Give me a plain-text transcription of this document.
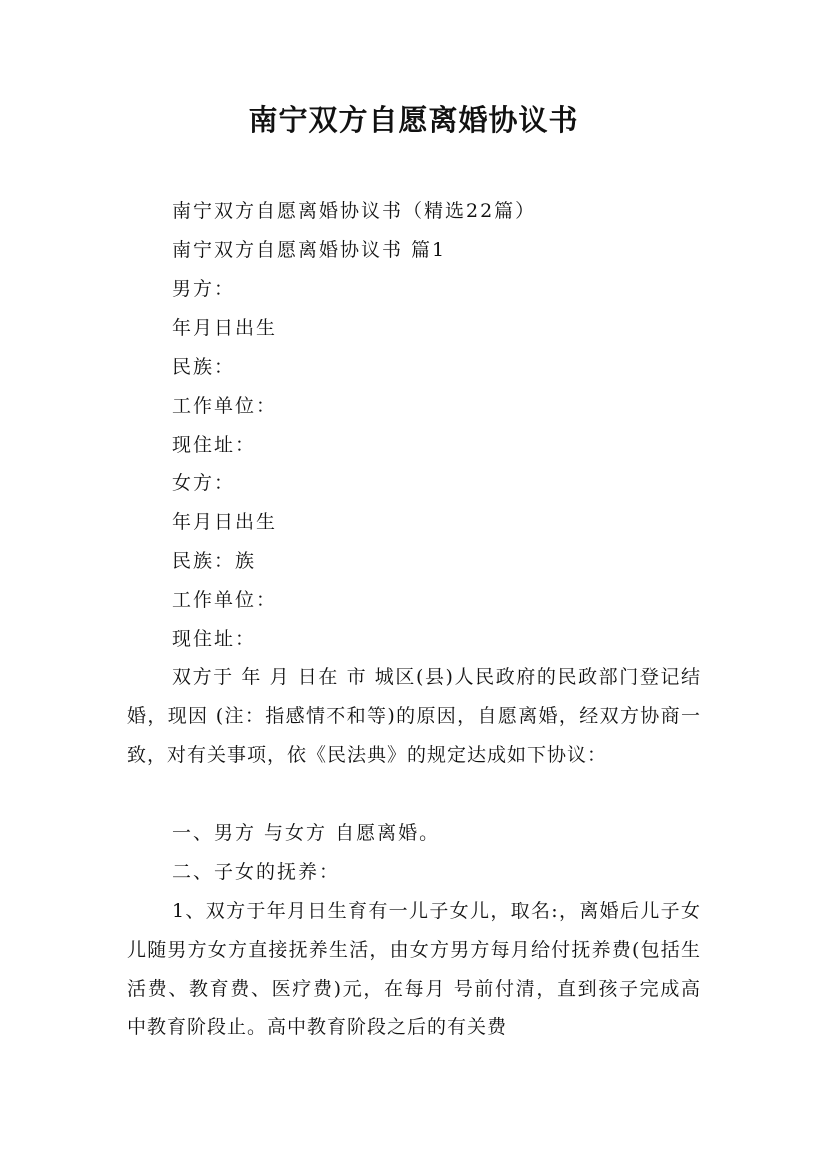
南宁双方自愿离婚协议书
南宁双方自愿离婚协议书（精选22篇）
南宁双方自愿离婚协议书 篇1
男方：
年月日出生
民族：
工作单位：
现住址：
女方：
年月日出生
民族：族
工作单位：
现住址：
双方于 年 月 日在 市 城区(县)人民政府的民政部门登记结婚，现因 (注：指感情不和等)的原因，自愿离婚，经双方协商一致，对有关事项，依《民法典》的规定达成如下协议：
一、男方 与女方 自愿离婚。
二、子女的抚养：
1、双方于年月日生育有一儿子女儿，取名:，离婚后儿子女儿随男方女方直接抚养生活，由女方男方每月给付抚养费(包括生活费、教育费、医疗费)元，在每月 号前付清，直到孩子完成高中教育阶段止。高中教育阶段之后的有关费
